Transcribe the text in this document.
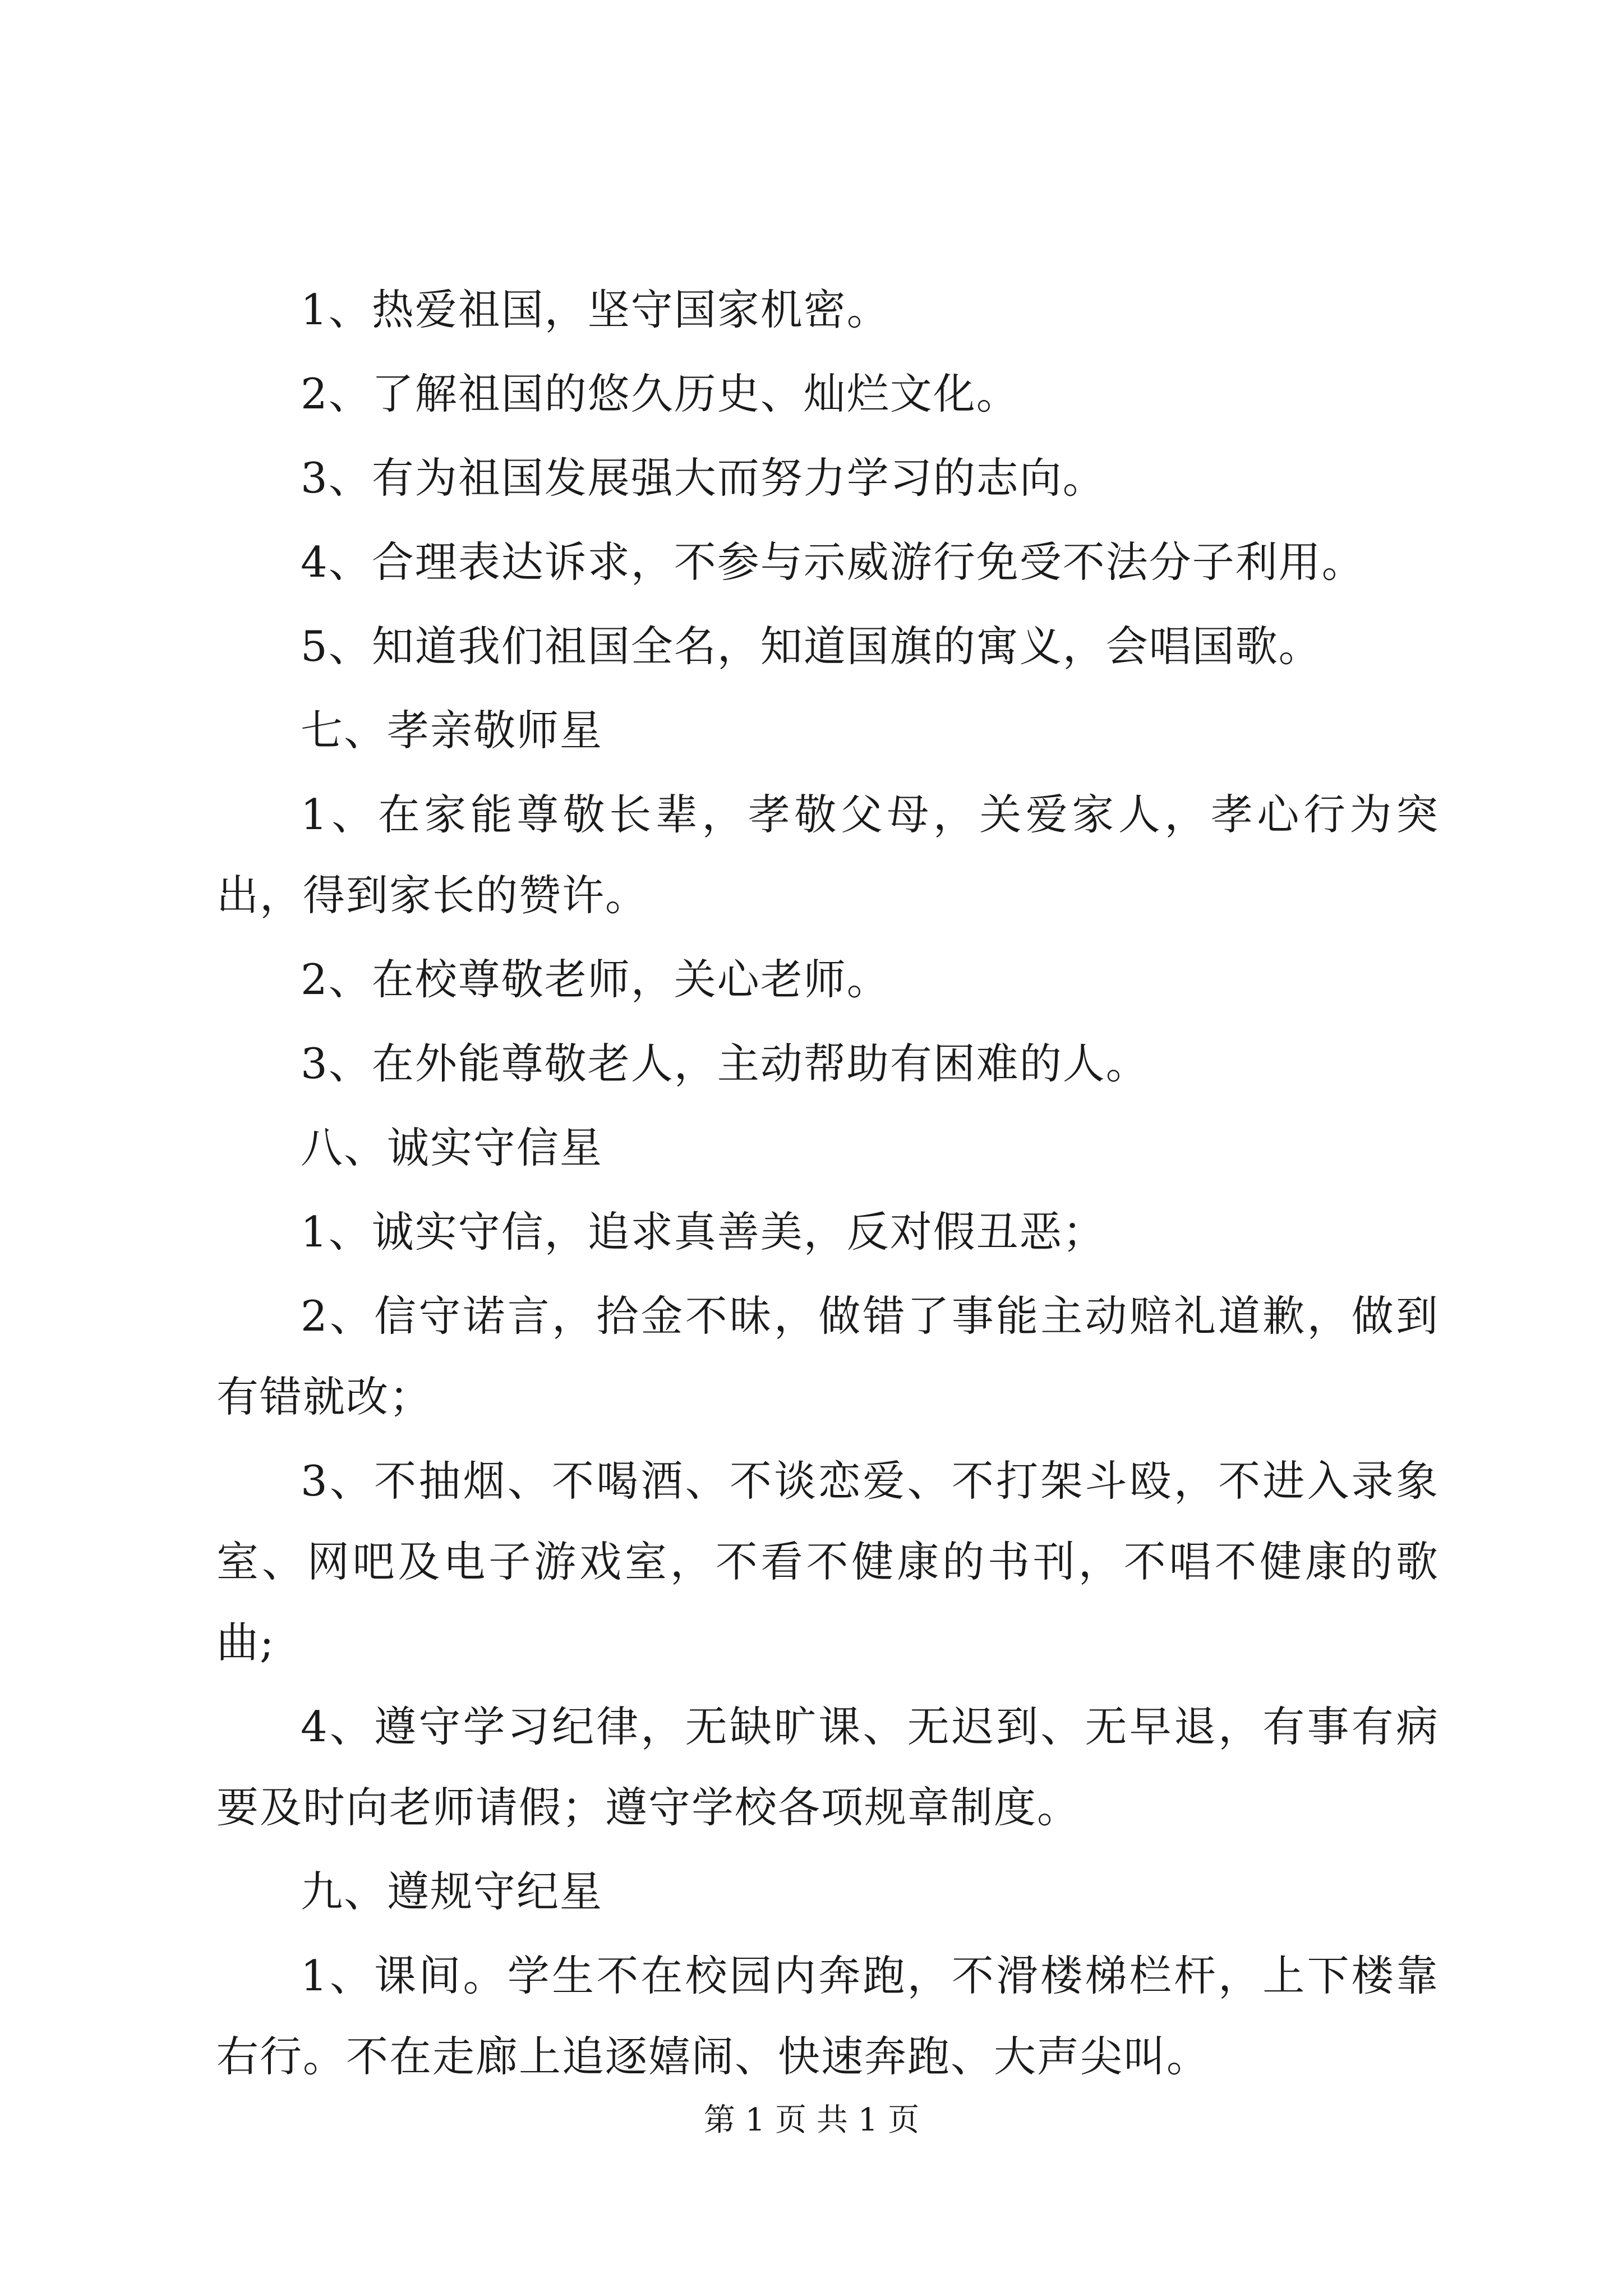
1、热爱祖国，坚守国家机密。

2、了解祖国的悠久历史、灿烂文化。

3、有为祖国发展强大而努力学习的志向。

4、合理表达诉求，不参与示威游行免受不法分子利用。

5、知道我们祖国全名，知道国旗的寓义，会唱国歌。

七、孝亲敬师星

1、在家能尊敬长辈，孝敬父母，关爱家人，孝心行为突出，得到家长的赞许。

2、在校尊敬老师，关心老师。

3、在外能尊敬老人，主动帮助有困难的人。

八、诚实守信星

1、诚实守信，追求真善美，反对假丑恶；

2、信守诺言，拾金不昧，做错了事能主动赔礼道歉，做到有错就改；

3、不抽烟、不喝酒、不谈恋爱、不打架斗殴，不进入录象室、网吧及电子游戏室，不看不健康的书刊，不唱不健康的歌曲;

4、遵守学习纪律，无缺旷课、无迟到、无早退，有事有病要及时向老师请假；遵守学校各项规章制度。

九、遵规守纪星

1、课间。学生不在校园内奔跑，不滑楼梯栏杆，上下楼靠右行。不在走廊上追逐嬉闹、快速奔跑、大声尖叫。

第 1 页 共 1 页
